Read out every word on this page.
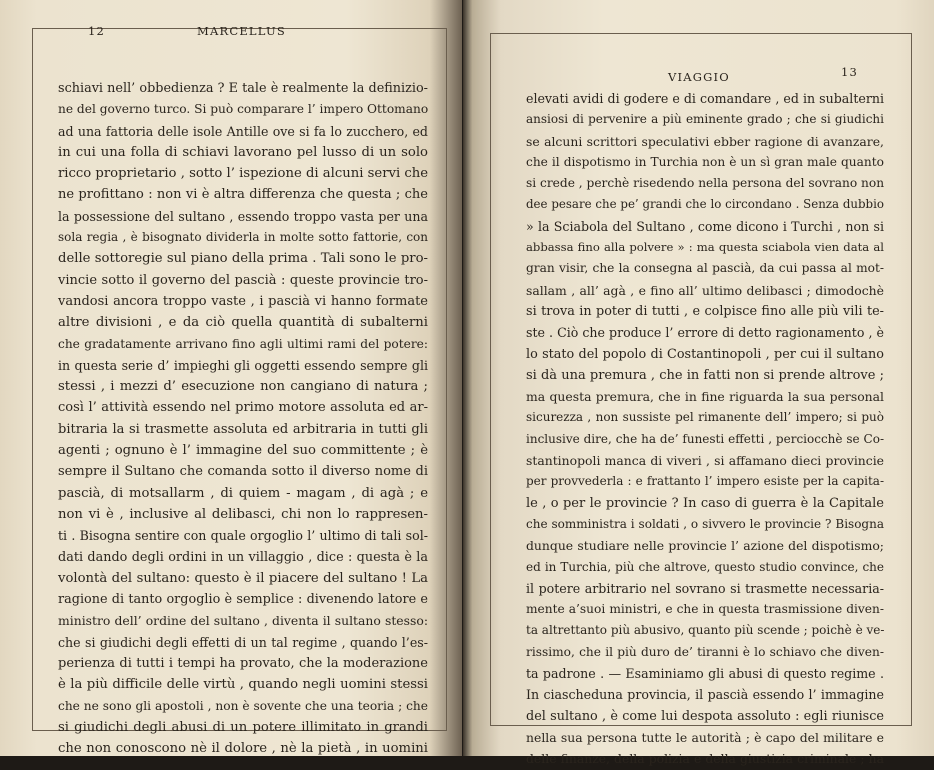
12	MARCELLUS
schiavi nell’ obbedienza ? E tale è realmente la definizio-
ne del governo turco. Si può comparare l’ impero Ottomano
ad una fattoria delle isole Antille ove si fa lo zucchero, ed
in cui una folla di schiavi lavorano pel lusso di un solo
ricco proprietario , sotto l’ ispezione di alcuni servi che
ne profittano : non vi è altra differenza che questa ; che
la possessione del sultano , essendo troppo vasta per una
sola regia , è bisognato dividerla in molte sotto fattorie, con
delle sottoregie sul piano della prima . Tali sono le pro-
vincie sotto il governo del pascià : queste provincie tro-
vandosi ancora troppo vaste , i pascià vi hanno formate
altre divisioni , e da ciò quella quantità di subalterni
che gradatamente arrivano fino agli ultimi rami del potere:
in questa serie d’ impieghi gli oggetti essendo sempre gli
stessi , i mezzi d’ esecuzione non cangiano di natura ;
così l’ attività essendo nel primo motore assoluta ed ar-
bitraria la si trasmette assoluta ed arbitraria in tutti gli
agenti ; ognuno è l’ immagine del suo committente ; è
sempre il Sultano che comanda sotto il diverso nome di
pascià, di motsallarm , di quiem - magam , di agà ; e
non vi è , inclusive al delibasci, chi non lo rappresen-
ti . Bisogna sentire con quale orgoglio l’ ultimo di tali sol-
dati dando degli ordini in un villaggio , dice : questa è la
volontà del sultano: questo è il piacere del sultano ! La
ragione di tanto orgoglio è semplice : divenendo latore e
ministro dell’ ordine del sultano , diventa il sultano stesso:
che si giudichi degli effetti di un tal regime , quando l’es-
perienza di tutti i tempi ha provato, che la moderazione
è la più difficile delle virtù , quando negli uomini stessi
che ne sono gli apostoli , non è sovente che una teoria ; che
si giudichi degli abusi di un potere illimitato in grandi
che non conoscono nè il dolore , nè la pietà , in uomini
VIAGGIO	13
elevati avidi di godere e di comandare , ed in subalterni
ansiosi di pervenire a più eminente grado ; che si giudichi
se alcuni scrittori speculativi ebber ragione di avanzare,
che il dispotismo in Turchia non è un sì gran male quanto
si crede , perchè risedendo nella persona del sovrano non
dee pesare che pe’ grandi che lo circondano . Senza dubbio
» la Sciabola del Sultano , come dicono i Turchi , non si
abbassa fino alla polvere » : ma questa sciabola vien data al
gran visir, che la consegna al pascià, da cui passa al mot-
sallam , all’ agà , e fino all’ ultimo delibasci ; dimodochè
si trova in poter di tutti , e colpisce fino alle più vili te-
ste . Ciò che produce l’ errore di detto ragionamento , è
lo stato del popolo di Costantinopoli , per cui il sultano
si dà una premura , che in fatti non si prende altrove ;
ma questa premura, che in fine riguarda la sua personal
sicurezza , non sussiste pel rimanente dell’ impero; si può
inclusive dire, che ha de’ funesti effetti , perciocchè se Co-
stantinopoli manca di viveri , si affamano dieci provincie
per provvederla : e frattanto l’ impero esiste per la capita-
le , o per le provincie ? In caso di guerra è la Capitale
che somministra i soldati , o sivvero le provincie ? Bisogna
dunque studiare nelle provincie l’ azione del dispotismo;
ed in Turchia, più che altrove, questo studio convince, che
il potere arbitrario nel sovrano si trasmette necessaria-
mente a’suoi ministri, e che in questa trasmissione diven-
ta altrettanto più abusivo, quanto più scende ; poichè è ve-
rissimo, che il più duro de’ tiranni è lo schiavo che diven-
ta padrone . — Esaminiamo gli abusi di questo regime .
In ciascheduna provincia, il pascià essendo l’ immagine
del sultano , è come lui despota assoluto : egli riunisce
nella sua persona tutte le autorità ; è capo del militare e
delle finanze, della polizia e della giustizia criminale ; ha
